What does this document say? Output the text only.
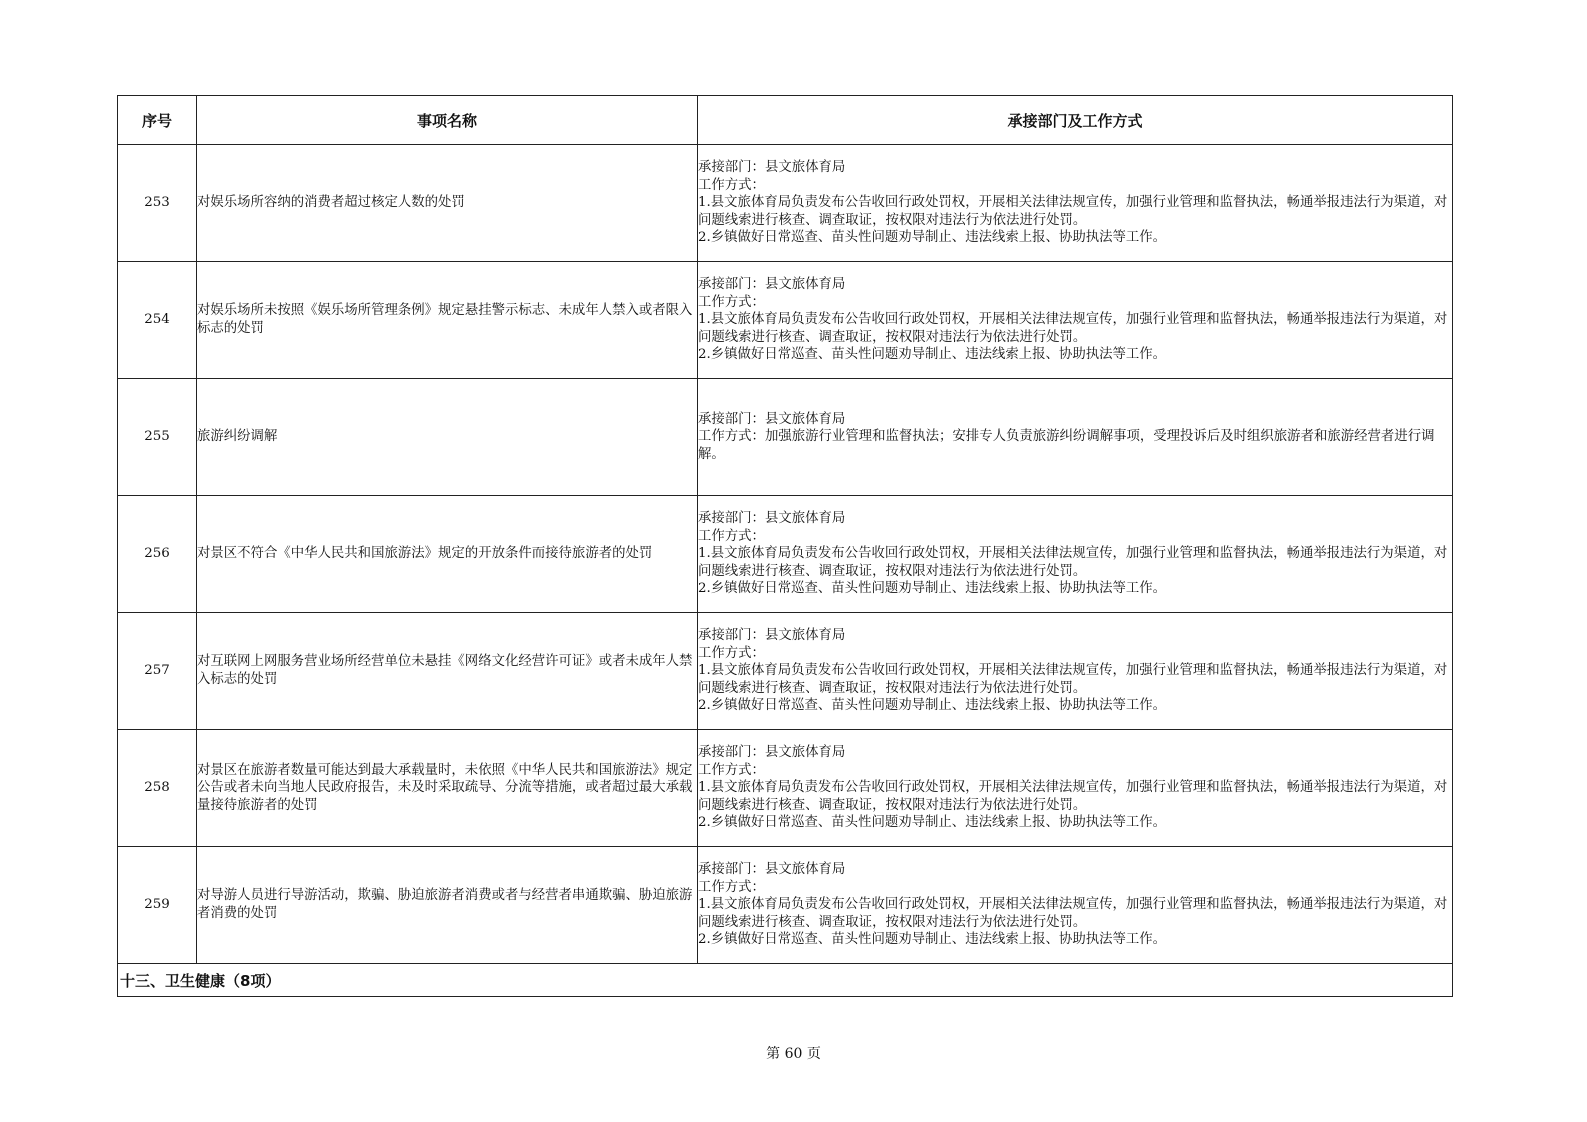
序号	事项名称	承接部门及工作方式
253	对娱乐场所容纳的消费者超过核定人数的处罚	承接部门：县文旅体育局
工作方式：
1.县文旅体育局负责发布公告收回行政处罚权，开展相关法律法规宣传，加强行业管理和监督执法，畅通举报违法行为渠道，对问题线索进行核查、调查取证，按权限对违法行为依法进行处罚。
2.乡镇做好日常巡查、苗头性问题劝导制止、违法线索上报、协助执法等工作。

254	对娱乐场所未按照《娱乐场所管理条例》规定悬挂警示标志、未成年人禁入或者限入标志的处罚	承接部门：县文旅体育局
工作方式：
1.县文旅体育局负责发布公告收回行政处罚权，开展相关法律法规宣传，加强行业管理和监督执法，畅通举报违法行为渠道，对问题线索进行核查、调查取证，按权限对违法行为依法进行处罚。
2.乡镇做好日常巡查、苗头性问题劝导制止、违法线索上报、协助执法等工作。

255	旅游纠纷调解	承接部门：县文旅体育局
工作方式：加强旅游行业管理和监督执法；安排专人负责旅游纠纷调解事项，受理投诉后及时组织旅游者和旅游经营者进行调解。

256	对景区不符合《中华人民共和国旅游法》规定的开放条件而接待旅游者的处罚	承接部门：县文旅体育局
工作方式：
1.县文旅体育局负责发布公告收回行政处罚权，开展相关法律法规宣传，加强行业管理和监督执法，畅通举报违法行为渠道，对问题线索进行核查、调查取证，按权限对违法行为依法进行处罚。
2.乡镇做好日常巡查、苗头性问题劝导制止、违法线索上报、协助执法等工作。

257	对互联网上网服务营业场所经营单位未悬挂《网络文化经营许可证》或者未成年人禁入标志的处罚	承接部门：县文旅体育局
工作方式：
1.县文旅体育局负责发布公告收回行政处罚权，开展相关法律法规宣传，加强行业管理和监督执法，畅通举报违法行为渠道，对问题线索进行核查、调查取证，按权限对违法行为依法进行处罚。
2.乡镇做好日常巡查、苗头性问题劝导制止、违法线索上报、协助执法等工作。

258	对景区在旅游者数量可能达到最大承载量时，未依照《中华人民共和国旅游法》规定公告或者未向当地人民政府报告，未及时采取疏导、分流等措施，或者超过最大承载量接待旅游者的处罚	承接部门：县文旅体育局
工作方式：
1.县文旅体育局负责发布公告收回行政处罚权，开展相关法律法规宣传，加强行业管理和监督执法，畅通举报违法行为渠道，对问题线索进行核查、调查取证，按权限对违法行为依法进行处罚。
2.乡镇做好日常巡查、苗头性问题劝导制止、违法线索上报、协助执法等工作。

259	对导游人员进行导游活动，欺骗、胁迫旅游者消费或者与经营者串通欺骗、胁迫旅游者消费的处罚	承接部门：县文旅体育局
工作方式：
1.县文旅体育局负责发布公告收回行政处罚权，开展相关法律法规宣传，加强行业管理和监督执法，畅通举报违法行为渠道，对问题线索进行核查、调查取证，按权限对违法行为依法进行处罚。
2.乡镇做好日常巡查、苗头性问题劝导制止、违法线索上报、协助执法等工作。

十三、卫生健康（8项）		
第 60 页
